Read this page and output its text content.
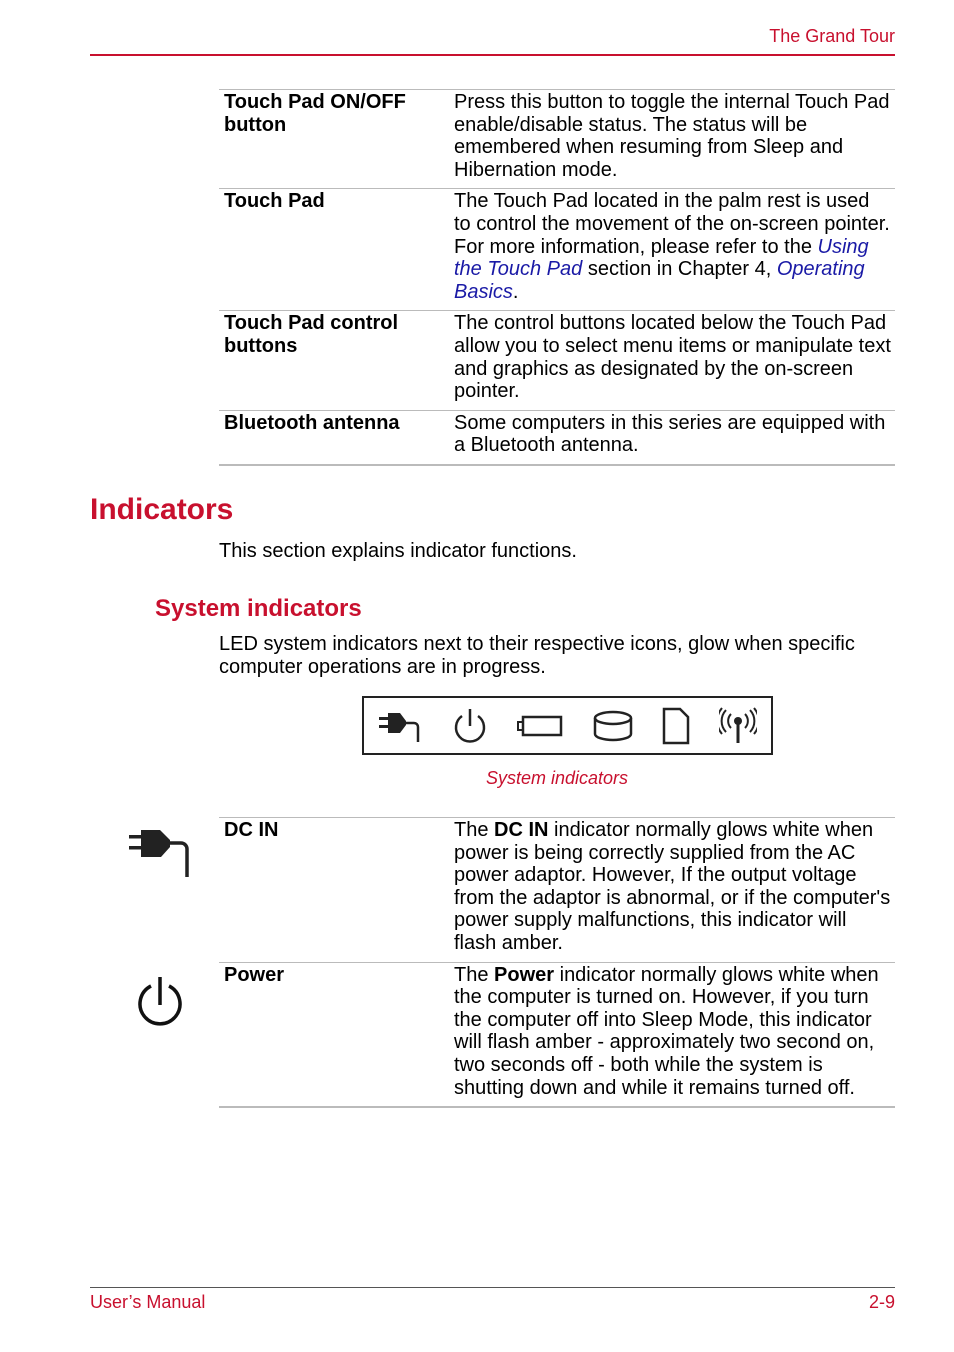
The Grand Tour
Touch Pad ON/OFF button	Press this button to toggle the internal Touch Pad enable/disable status. The status will be emembered when resuming from Sleep and Hibernation mode.
Touch Pad	The Touch Pad located in the palm rest is used to control the movement of the on-screen pointer. For more information, please refer to the Using the Touch Pad section in Chapter 4, Operating Basics.
Touch Pad control buttons	The control buttons located below the Touch Pad allow you to select menu items or manipulate text and graphics as designated by the on-screen pointer.
Bluetooth antenna	Some computers in this series are equipped with a Bluetooth antenna.
Indicators
This section explains indicator functions.
System indicators
LED system indicators next to their respective icons, glow when specific computer operations are in progress.
System indicators
DC IN	The DC IN indicator normally glows white when power is being correctly supplied from the AC power adaptor. However, If the output voltage from the adaptor is abnormal, or if the computer's power supply malfunctions, this indicator will flash amber.
Power	The Power indicator normally glows white when the computer is turned on. However, if you turn the computer off into Sleep Mode, this indicator will flash amber - approximately two second on, two seconds off - both while the system is shutting down and while it remains turned off.
User’s Manual	2-9
